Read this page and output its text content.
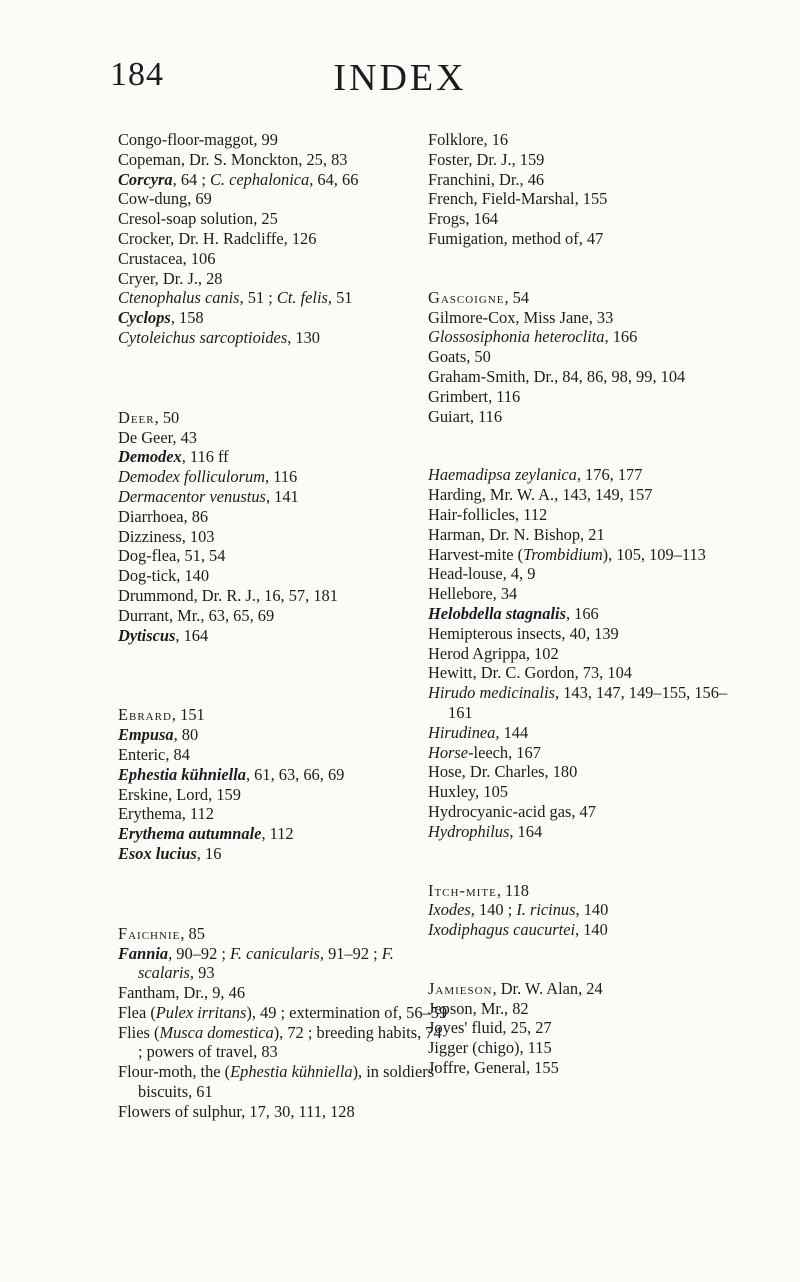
184	INDEX
Congo-floor-maggot, 99
Copeman, Dr. S. Monckton, 25, 83
Corcyra, 64 ; C. cephalonica, 64, 66
Cow-dung, 69
Cresol-soap solution, 25
Crocker, Dr. H. Radcliffe, 126
Crustacea, 106
Cryer, Dr. J., 28
Ctenophalus canis, 51 ; Ct. felis, 51
Cyclops, 158
Cytoleichus sarcoptioides, 130
Deer, 50
De Geer, 43
Demodex, 116 ff
Demodex folliculorum, 116
Dermacentor venustus, 141
Diarrhoea, 86
Dizziness, 103
Dog-flea, 51, 54
Dog-tick, 140
Drummond, Dr. R. J., 16, 57, 181
Durrant, Mr., 63, 65, 69
Dytiscus, 164
Ebrard, 151
Empusa, 80
Enteric, 84
Ephestia kühniella, 61, 63, 66, 69
Erskine, Lord, 159
Erythema, 112
Erythema autumnale, 112
Esox lucius, 16
Faichnie, 85
Fannia, 90–92 ; F. canicularis, 91–92 ; F. scalaris, 93
Fantham, Dr., 9, 46
Flea (Pulex irritans), 49 ; extermination of, 56–59
Flies (Musca domestica), 72 ; breeding habits, 74 ; powers of travel, 83
Flour-moth, the (Ephestia kühniella), in soldiers' biscuits, 61
Flowers of sulphur, 17, 30, 111, 128
Folklore, 16
Foster, Dr. J., 159
Franchini, Dr., 46
French, Field-Marshal, 155
Frogs, 164
Fumigation, method of, 47
Gascoigne, 54
Gilmore-Cox, Miss Jane, 33
Glossosiphonia heteroclita, 166
Goats, 50
Graham-Smith, Dr., 84, 86, 98, 99, 104
Grimbert, 116
Guiart, 116
Haemadipsa zeylanica, 176, 177
Harding, Mr. W. A., 143, 149, 157
Hair-follicles, 112
Harman, Dr. N. Bishop, 21
Harvest-mite (Trombidium), 105, 109–113
Head-louse, 4, 9
Hellebore, 34
Helobdella stagnalis, 166
Hemipterous insects, 40, 139
Herod Agrippa, 102
Hewitt, Dr. C. Gordon, 73, 104
Hirudo medicinalis, 143, 147, 149–155, 156–161
Hirudinea, 144
Horse-leech, 167
Hose, Dr. Charles, 180
Huxley, 105
Hydrocyanic-acid gas, 47
Hydrophilus, 164
Itch-mite, 118
Ixodes, 140 ; I. ricinus, 140
Ixodiphagus caucurtei, 140
Jamieson, Dr. W. Alan, 24
Jepson, Mr., 82
Joyes' fluid, 25, 27
Jigger (chigo), 115
Joffre, General, 155
